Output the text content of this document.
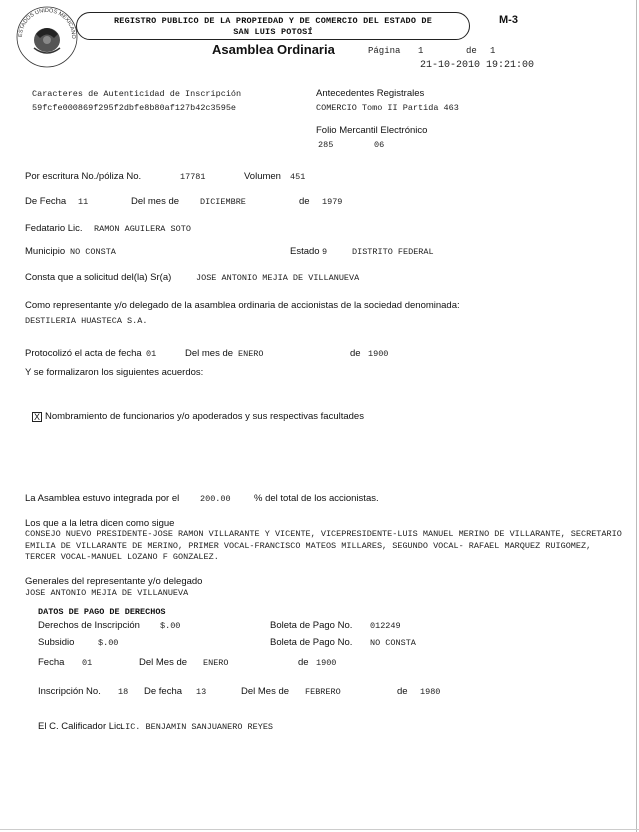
ESTADOS UNIDOS MEXICANO
REGISTRO PUBLICO DE LA PROPIEDAD Y DE COMERCIO DEL ESTADO DE
SAN LUIS POTOSÍ
M-3
Asamblea Ordinaria	Página 1	de 1
21-10-2010 19:21:00
Caracteres de Autenticidad de Inscripción
59fcfe000869f295f2dbfe8b80af127b42c3595e
Antecedentes Registrales
COMERCIO Tomo II Partida 463
Folio Mercantil Electrónico
285	06
Por escritura No./póliza No.	17781	Volumen 451
De Fecha 11	Del mes de DICIEMBRE	de 1979
Fedatario Lic. RAMON AGUILERA SOTO
Municipio NO CONSTA	Estado 9	DISTRITO FEDERAL
Consta que a solicitud del(la) Sr(a)	JOSE ANTONIO MEJIA DE VILLANUEVA
Como representante y/o delegado de la asamblea ordinaria de accionistas de la sociedad denominada:
DESTILERIA HUASTECA S.A.
Protocolizó el acta de fecha 01	Del mes de ENERO	de 1900
Y se formalizaron los siguientes acuerdos:
X Nombramiento de funcionarios y/o apoderados y sus respectivas facultades
La Asamblea estuvo integrada por el 200.00 % del total de los accionistas.
Los que a la letra dicen como sigue
CONSEJO NUEVO PRESIDENTE-JOSE RAMON VILLARANTE Y VICENTE, VICEPRESIDENTE-LUIS MANUEL MERINO DE VILLARANTE, SECRETARIO EMILIA DE VILLARANTE DE MERINO, PRIMER VOCAL-FRANCISCO MATEOS MILLARES, SEGUNDO VOCAL- RAFAEL MARQUEZ RUIGOMEZ, TERCER VOCAL-MANUEL LOZANO F GONZALEZ.
Generales del representante y/o delegado
JOSE ANTONIO MEJIA DE VILLANUEVA
DATOS DE PAGO DE DERECHOS
Derechos de Inscripción $.00	Boleta de Pago No. 012249
Subsidio	$.00	Boleta de Pago No. NO CONSTA
Fecha 01	Del Mes de ENERO	de 1900
Inscripción No. 18 De fecha 13	Del Mes de FEBRERO	de 1980
El C. Calificador Lic.
LIC. BENJAMIN SANJUANERO REYES
